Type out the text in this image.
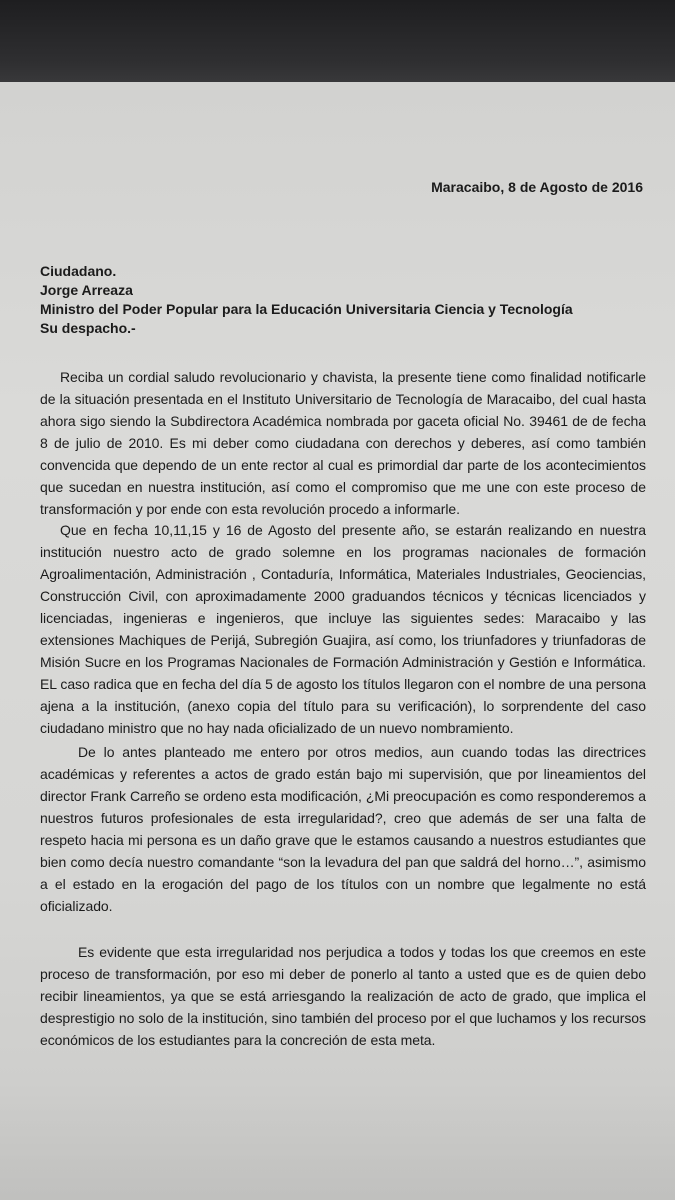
Maracaibo, 8 de Agosto de 2016
Ciudadano.
Jorge Arreaza
Ministro del Poder Popular para la Educación Universitaria Ciencia y Tecnología
Su despacho.-

Reciba un cordial saludo revolucionario y chavista, la presente tiene como finalidad notificarle de la situación presentada en el Instituto Universitario de Tecnología de Maracaibo, del cual hasta ahora sigo siendo la Subdirectora Académica nombrada por gaceta oficial No. 39461 de de fecha 8 de julio de 2010. Es mi deber como ciudadana con derechos y deberes, así como también convencida que dependo de un ente rector al cual es primordial dar parte de los acontecimientos que sucedan en nuestra institución, así como el compromiso que me une con este proceso de transformación y por ende con esta revolución procedo a informarle.

Que en fecha 10,11,15 y 16 de Agosto del presente año, se estarán realizando en nuestra institución nuestro acto de grado solemne en los programas nacionales de formación Agroalimentación, Administración , Contaduría, Informática, Materiales Industriales, Geociencias, Construcción Civil, con aproximadamente 2000 graduandos técnicos y técnicas licenciados y licenciadas, ingenieras e ingenieros, que incluye las siguientes sedes: Maracaibo y las extensiones Machiques de Perijá, Subregión Guajira, así como, los triunfadores y triunfadoras de Misión Sucre en los Programas Nacionales de Formación Administración y Gestión e Informática. EL caso radica que en fecha del día 5 de agosto los títulos llegaron con el nombre de una persona ajena a la institución, (anexo copia del título para su verificación), lo sorprendente del caso ciudadano ministro que no hay nada oficializado de un nuevo nombramiento.

De lo antes planteado me entero por otros medios, aun cuando todas las directrices académicas y referentes a actos de grado están bajo mi supervisión, que por lineamientos del director Frank Carreño se ordeno esta modificación, ¿Mi preocupación es como responderemos a nuestros futuros profesionales de esta irregularidad?, creo que además de ser una falta de respeto hacia mi persona es un daño grave que le estamos causando a nuestros estudiantes que bien como decía nuestro comandante “son la levadura del pan que saldrá del horno…”, asimismo a el estado en la erogación del pago de los títulos con un nombre que legalmente no está oficializado.

Es evidente que esta irregularidad nos perjudica a todos y todas los que creemos en este proceso de transformación, por eso mi deber de ponerlo al tanto a usted que es de quien debo recibir lineamientos, ya que se está arriesgando la realización de acto de grado, que implica el desprestigio no solo de la institución, sino también del proceso por el que luchamos y los recursos económicos de los estudiantes para la concreción de esta meta.
